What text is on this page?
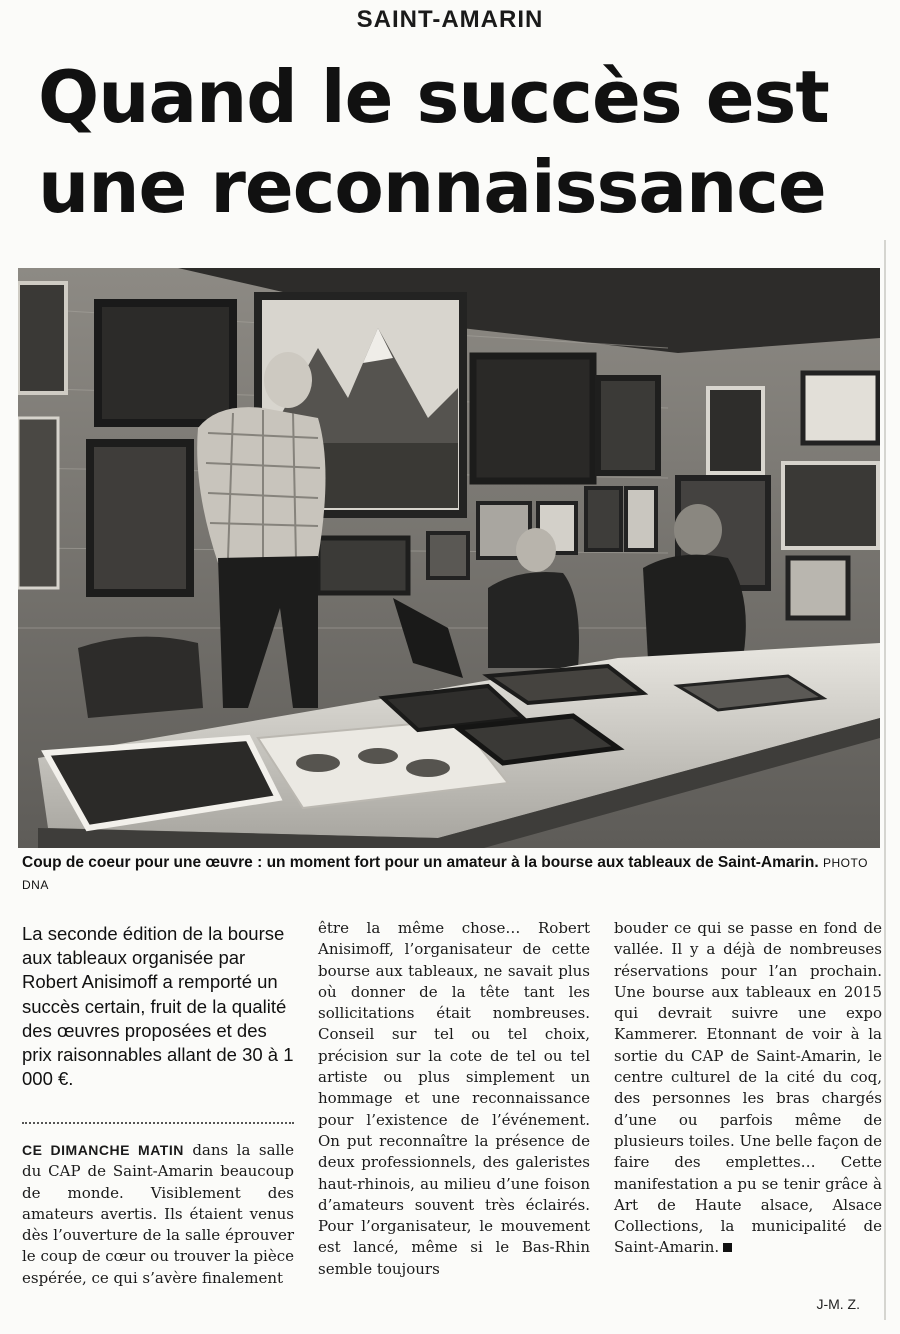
SAINT-AMARIN
Quand le succès est une reconnaissance
Coup de coeur pour une œuvre : un moment fort pour un amateur à la bourse aux tableaux de Saint-Amarin. PHOTO DNA
La seconde édition de la bourse aux tableaux organisée par Robert Anisimoff a remporté un succès certain, fruit de la qualité des œuvres proposées et des prix raisonnables allant de 30 à 1 000 €.
CE DIMANCHE MATIN dans la salle du CAP de Saint-Amarin beaucoup de monde. Visiblement des amateurs avertis. Ils étaient venus dès l’ouverture de la salle éprouver le coup de cœur ou trouver la pièce espérée, ce qui s’avère finalement
être la même chose… Robert Anisimoff, l’organisateur de cette bourse aux tableaux, ne savait plus où donner de la tête tant les sollicitations était nombreuses. Conseil sur tel ou tel choix, précision sur la cote de tel ou tel artiste ou plus simplement un hommage et une reconnaissance pour l’existence de l’événement. On put reconnaître la présence de deux professionnels, des galeristes haut-rhinois, au milieu d’une foison d’amateurs souvent très éclairés. Pour l’organisateur, le mouvement est lancé, même si le Bas-Rhin semble toujours
bouder ce qui se passe en fond de vallée. Il y a déjà de nombreuses réservations pour l’an prochain. Une bourse aux tableaux en 2015 qui devrait suivre une expo Kammerer. Etonnant de voir à la sortie du CAP de Saint-Amarin, le centre culturel de la cité du coq, des personnes les bras chargés d’une ou parfois même de plusieurs toiles. Une belle façon de faire des emplettes… Cette manifestation a pu se tenir grâce à Art de Haute alsace, Alsace Collections, la municipalité de Saint-Amarin.
J-M. Z.
